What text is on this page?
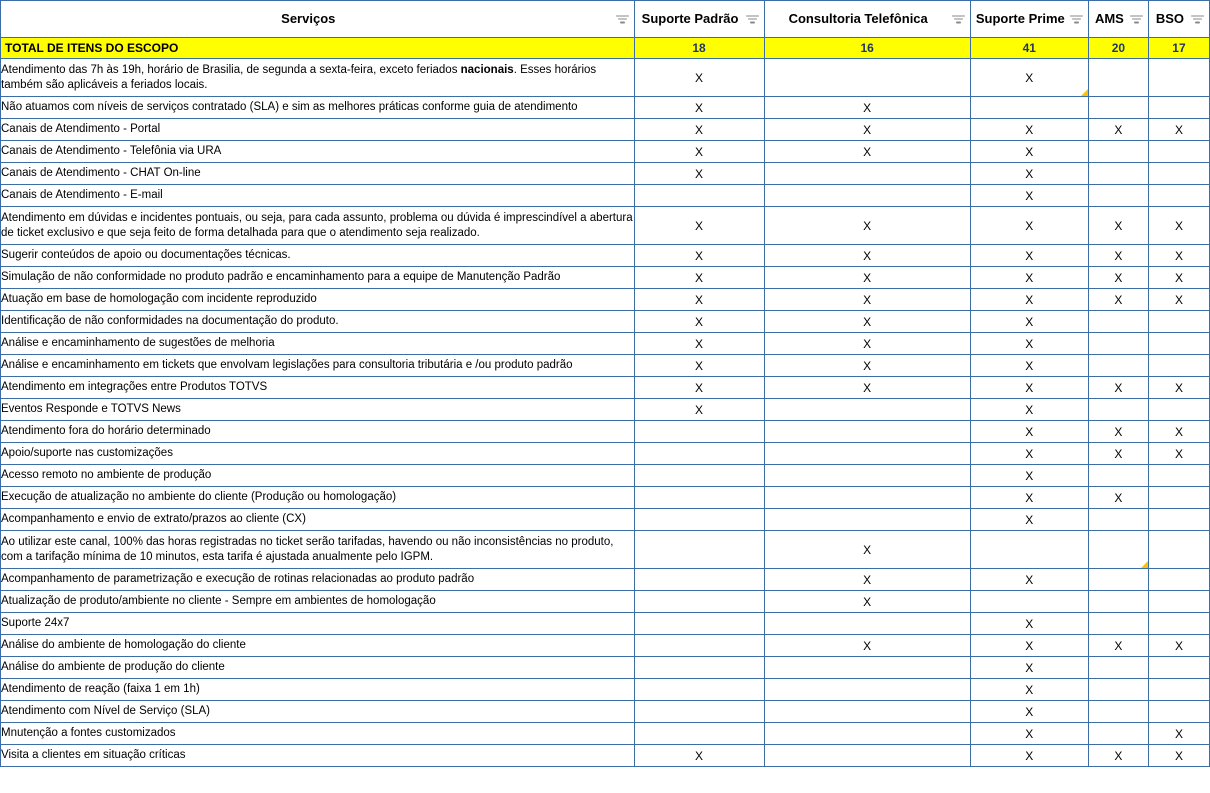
Serviços	Suporte Padrão	Consultoria Telefônica	Suporte Prime	AMS	BSO

TOTAL DE ITENS DO ESCOPO	18	16	41	20	17
Atendimento das 7h às 19h, horário de Brasilia, de segunda a sexta-feira, exceto feriados nacionais. Esses horários também são aplicáveis a feriados locais.	X		X		
Não atuamos com níveis de serviços contratado (SLA) e sim as melhores práticas conforme guia de atendimento	X	X			
Canais de Atendimento - Portal	X	X	X	X	X
Canais de Atendimento - Telefônia via URA	X	X	X		
Canais de Atendimento - CHAT On-line	X		X		
Canais de Atendimento - E-mail			X		
Atendimento em dúvidas e incidentes pontuais, ou seja, para cada assunto, problema ou dúvida é imprescindível a abertura de ticket exclusivo e que seja feito de forma detalhada para que o atendimento seja realizado.	X	X	X	X	X
Sugerir conteúdos de apoio ou documentações técnicas.	X	X	X	X	X
Simulação de não conformidade no produto padrão e encaminhamento para a equipe de Manutenção Padrão	X	X	X	X	X
Atuação em base de homologação com incidente reproduzido	X	X	X	X	X
Identificação de não conformidades na documentação do produto.	X	X	X		
Análise e encaminhamento de sugestões de melhoria	X	X	X		
Análise e encaminhamento em tickets que envolvam legislações para consultoria tributária e /ou produto padrão	X	X	X		
Atendimento em integrações entre Produtos TOTVS	X	X	X	X	X
Eventos Responde e TOTVS News	X		X		
Atendimento fora do horário determinado			X	X	X
Apoio/suporte nas customizações			X	X	X
Acesso remoto no ambiente de produção			X		
Execução de atualização no ambiente do cliente (Produção ou homologação)			X	X	
Acompanhamento e envio de extrato/prazos ao cliente (CX)			X		
Ao utilizar este canal, 100% das horas registradas no ticket serão tarifadas, havendo ou não inconsistências no produto, com a tarifação mínima de 10 minutos, esta tarifa é ajustada anualmente pelo IGPM.		X			
Acompanhamento de parametrização e execução de rotinas relacionadas ao produto padrão		X	X		
Atualização de produto/ambiente no cliente - Sempre em ambientes de homologação		X			
Suporte 24x7			X		
Análise do ambiente de homologação do cliente		X	X	X	X
Análise do ambiente de produção do cliente			X		
Atendimento de reação (faixa 1 em 1h)			X		
Atendimento com Nível de Serviço (SLA)			X		
Mnutenção a fontes customizados			X		X
Visita a clientes em situação críticas	X		X	X	X
